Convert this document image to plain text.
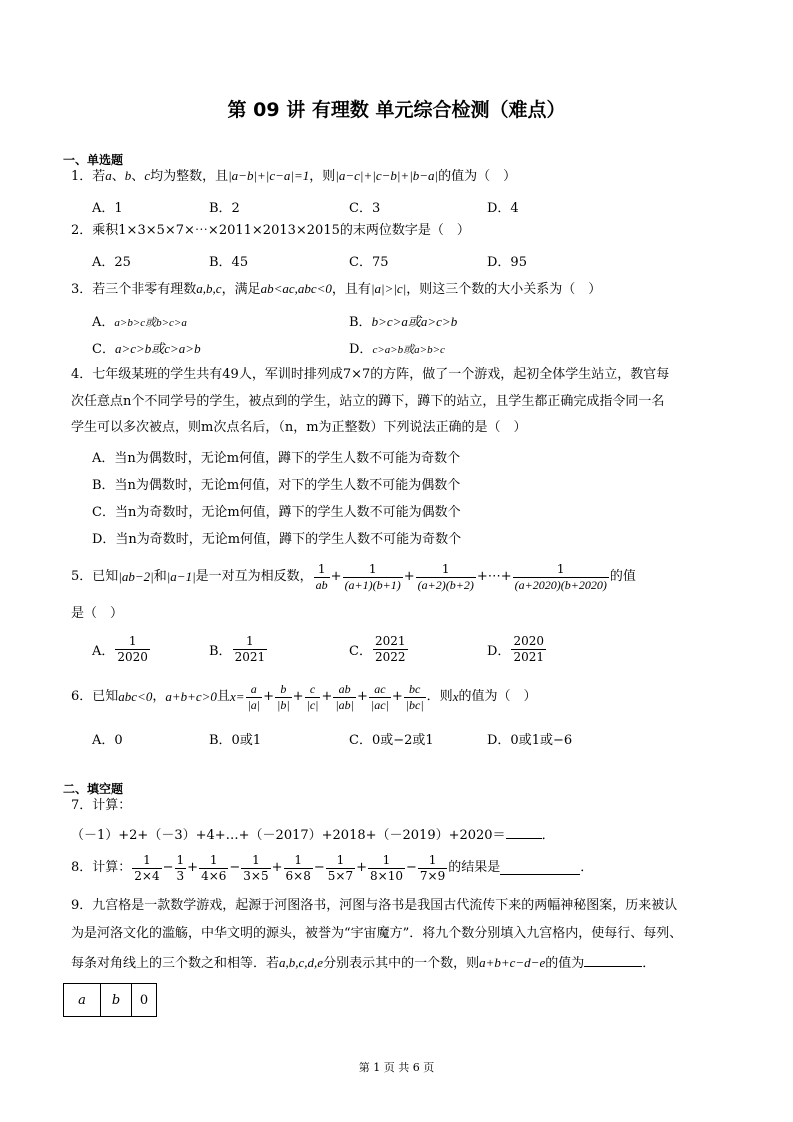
第 09 讲 有理数 单元综合检测（难点）
一、单选题
1．若a、b、c均为整数，且|a−b|+|c−a|=1，则|a−c|+|c−b|+|b−a|的值为（　）
A．1	B．2	C．3	D．4
2．乘积1×3×5×7×⋯×2011×2013×2015的末两位数字是（　）
A．25	B．45	C．75	D．95
3．若三个非零有理数a,b,c，满足ab<ac,abc<0，且有|a|>|c|，则这三个数的大小关系为（　）
A．a>b>c或b>c>a	B．b>c>a或a>c>b
C．a>c>b或c>a>b	D．c>a>b或a>b>c
4．七年级某班的学生共有49人，军训时排列成7×7的方阵，做了一个游戏，起初全体学生站立，教官每
次任意点n个不同学号的学生，被点到的学生，站立的蹲下，蹲下的站立，且学生都正确完成指令同一名
学生可以多次被点，则m次点名后，（n，m为正整数）下列说法正确的是（　）
A．当n为偶数时，无论m何值，蹲下的学生人数不可能为奇数个
B．当n为偶数时，无论m何值，对下的学生人数不可能为偶数个
C．当n为奇数时，无论m何值，蹲下的学生人数不可能为偶数个
D．当n为奇数时，无论m何值，蹲下的学生人数不可能为奇数个
5．已知 |ab−2| 和 |a−1| 是一对互为相反数， $\frac{1}{ab} + \frac{1}{(a+1)(b+1)} + \frac{1}{(a+2)(b+2)}$ +⋯+ $\frac{1}{(a+2020)(b+2020)}$ 的值
是（　）
A． $\frac{1}{2020}$	B． $\frac{1}{2021}$	C． $\frac{2021}{2022}$	D． $\frac{2020}{2021}$
6．已知 abc<0 ， a+b+c>0 且 $x= \frac{a}{|a|} + \frac{b}{|b|} + \frac{c}{|c|} + \frac{ab}{|ab|} + \frac{ac}{|ac|} + \frac{bc}{|bc|}$ ．则 x 的值为（　）
A．0	B．0或1	C．0或−2或1	D．0或1或−6
二、填空题
7．计算：
（－1）+2+（－3）+4+…+（－2017）+2018+（－2019）+2020＝	．
8．计算： $\frac{1}{2\times 4} - \frac{1}{3} + \frac{1}{4\times 6} - \frac{1}{3\times 5} + \frac{1}{6\times 8} - \frac{1}{5\times 7} + \frac{1}{8\times 10} - \frac{1}{7\times 9}$ 的结果是	．
9．九宫格是一款数学游戏，起源于河图洛书，河图与洛书是我国古代流传下来的两幅神秘图案，历来被认
为是河洛文化的滥觞，中华文明的源头，被誉为“宇宙魔方”．将九个数分别填入九宫格内，使每行、每列、
每条对角线上的三个数之和相等．若a,b,c,d,e分别表示其中的一个数，则a+b+c−d−e的值为	．
a	b	0
第 1 页 共 6 页
